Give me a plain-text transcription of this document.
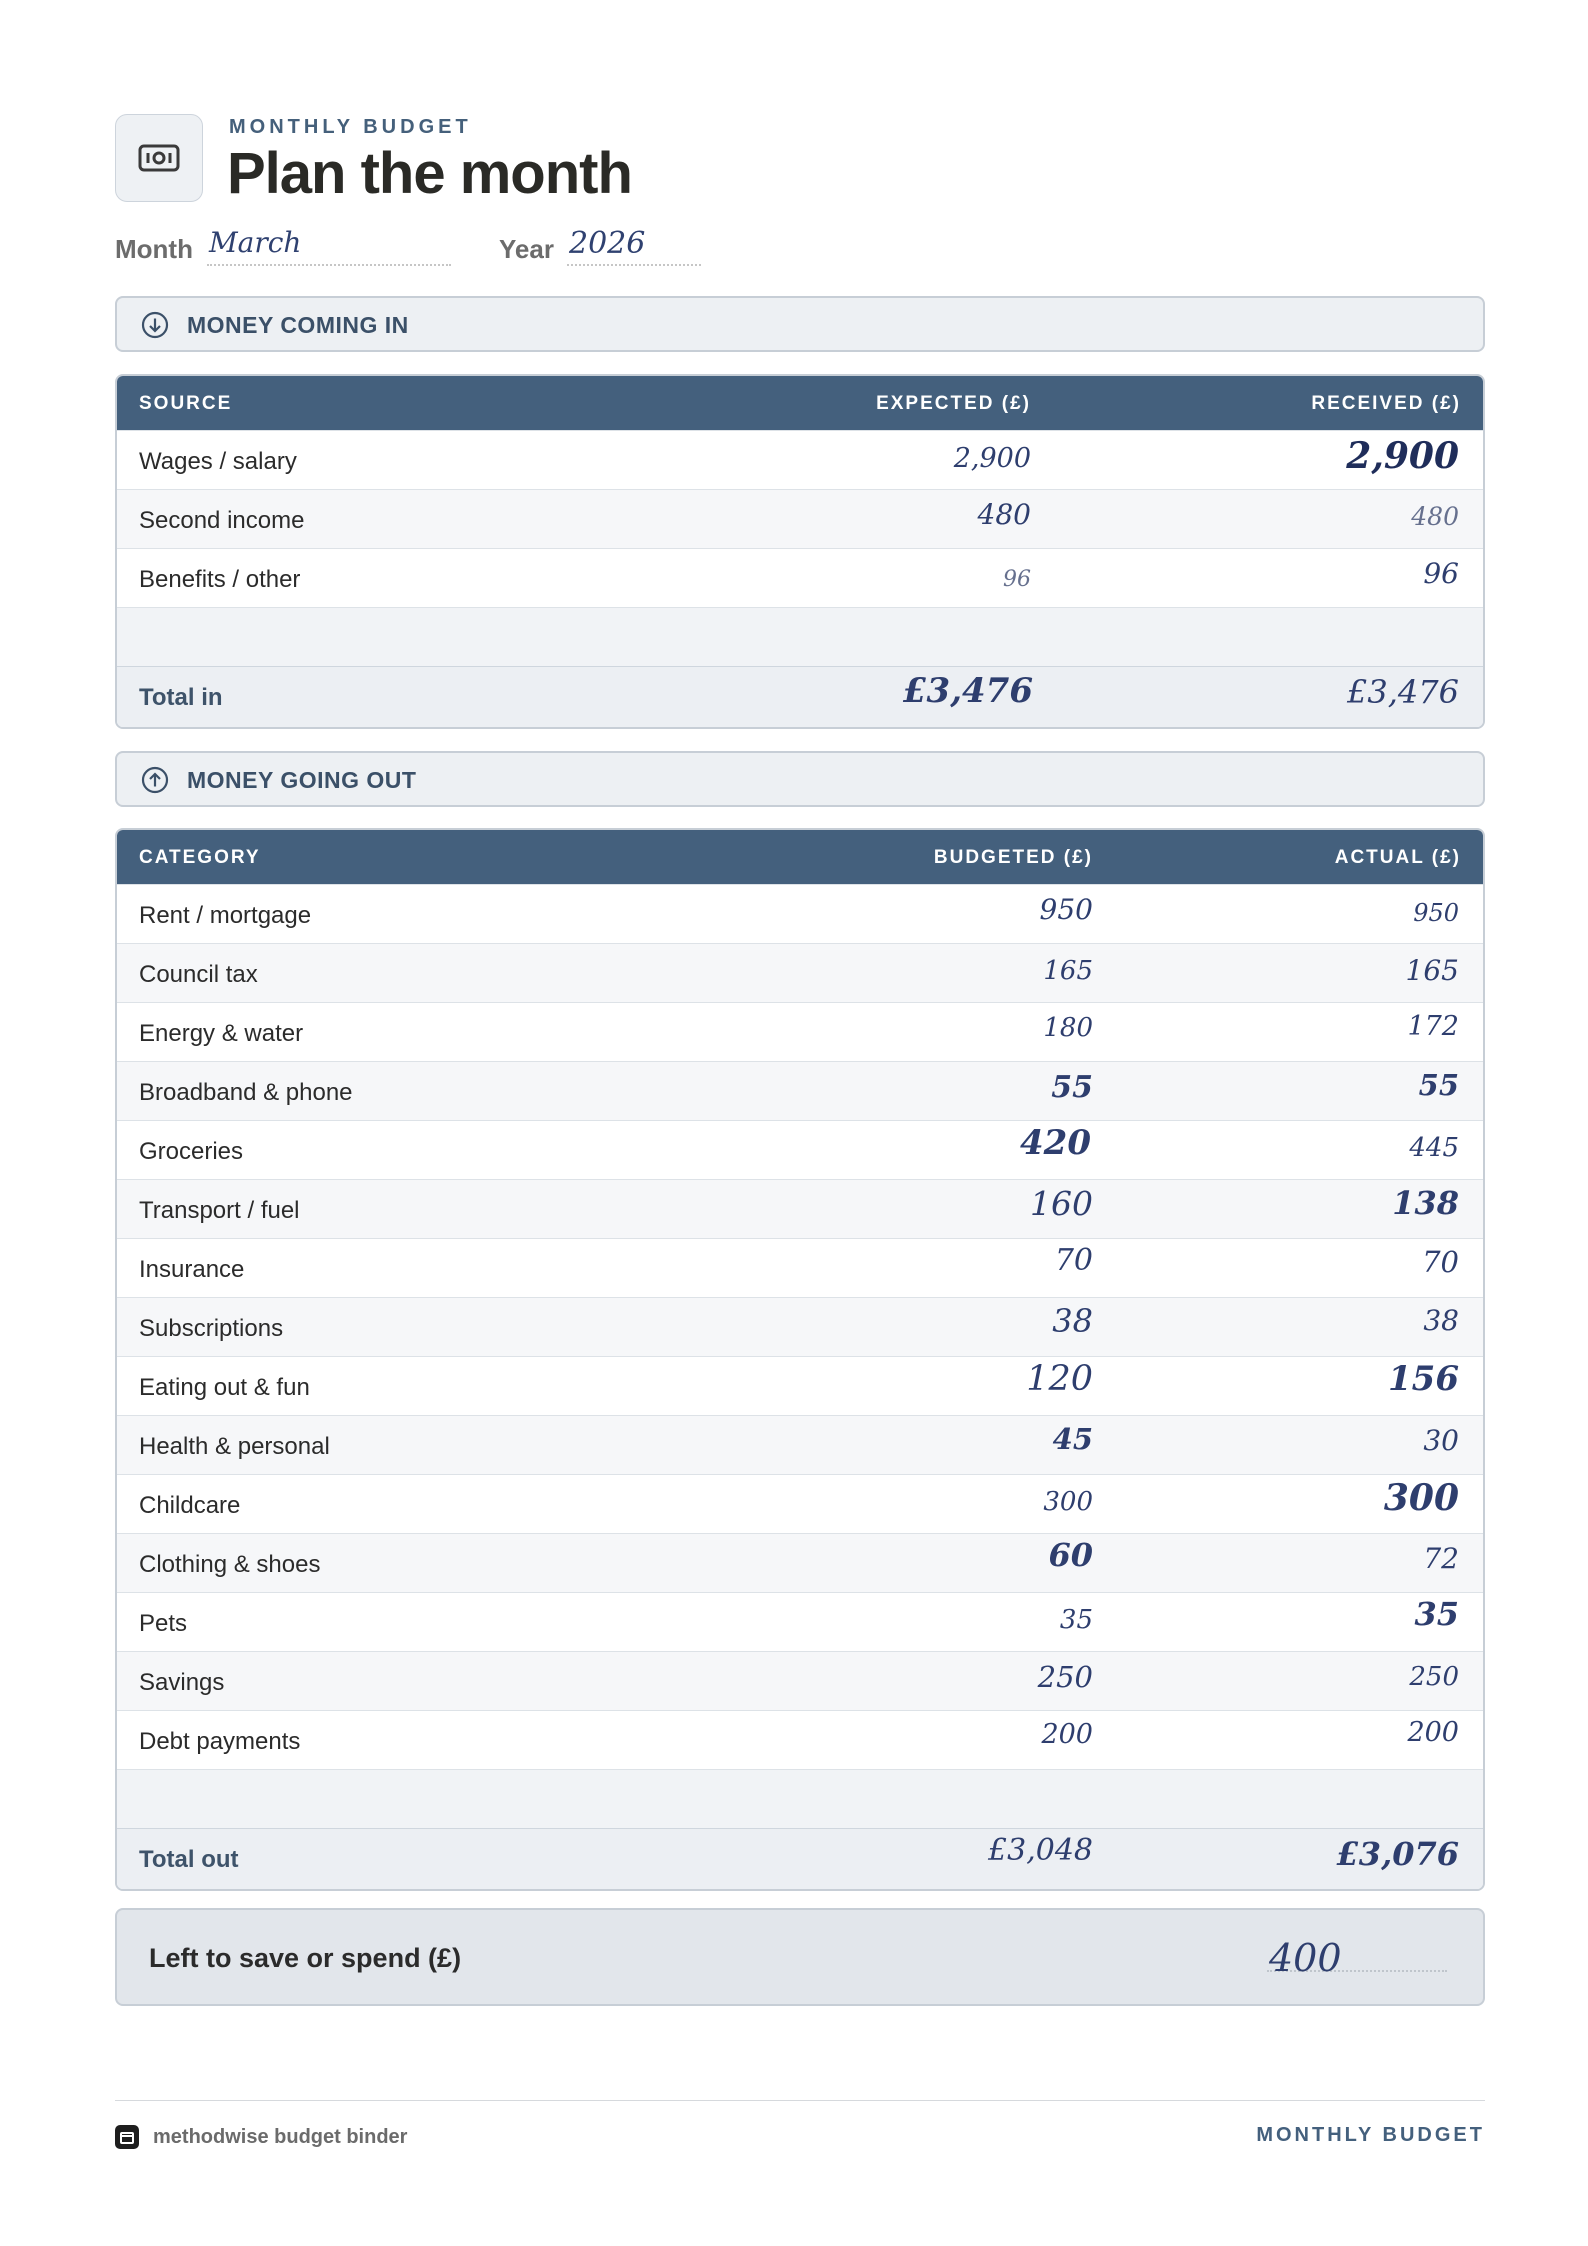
MONTHLY BUDGET
Plan the month
Month March	Year 2026
MONEY COMING IN
SOURCE	EXPECTED (£)	RECEIVED (£)
Wages / salary	2,900	2,900
Second income	480	480
Benefits / other	96	96
Total in	£3,476	£3,476
MONEY GOING OUT
CATEGORY	BUDGETED (£)	ACTUAL (£)
Rent / mortgage	950	950
Council tax	165	165
Energy & water	180	172
Broadband & phone	55	55
Groceries	420	445
Transport / fuel	160	138
Insurance	70	70
Subscriptions	38	38
Eating out & fun	120	156
Health & personal	45	30
Childcare	300	300
Clothing & shoes	60	72
Pets	35	35
Savings	250	250
Debt payments	200	200
Total out	£3,048	£3,076
Left to save or spend (£)	400
methodwise budget binder	MONTHLY BUDGET
